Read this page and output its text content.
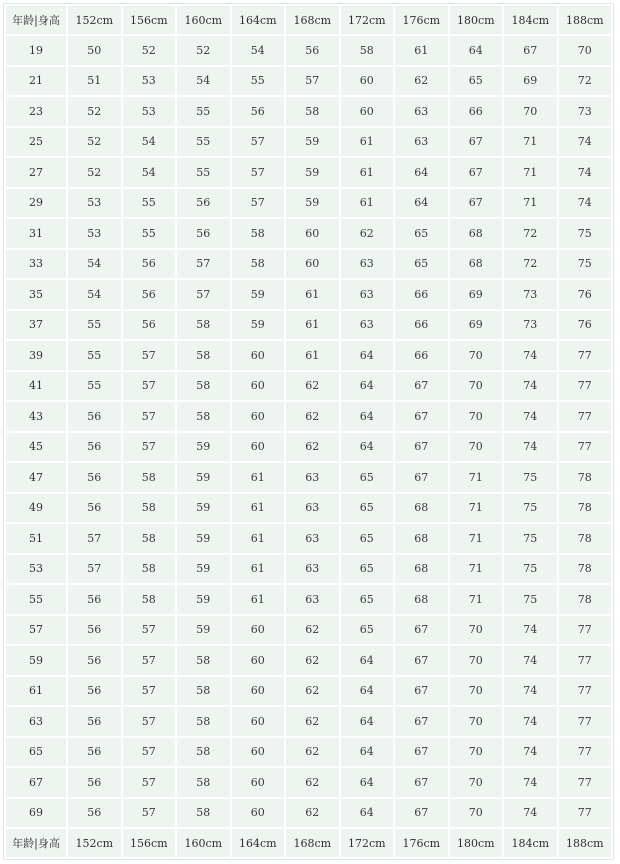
年龄|身高	152cm	156cm	160cm	164cm	168cm	172cm	176cm	180cm	184cm	188cm
19	50	52	52	54	56	58	61	64	67	70
21	51	53	54	55	57	60	62	65	69	72
23	52	53	55	56	58	60	63	66	70	73
25	52	54	55	57	59	61	63	67	71	74
27	52	54	55	57	59	61	64	67	71	74
29	53	55	56	57	59	61	64	67	71	74
31	53	55	56	58	60	62	65	68	72	75
33	54	56	57	58	60	63	65	68	72	75
35	54	56	57	59	61	63	66	69	73	76
37	55	56	58	59	61	63	66	69	73	76
39	55	57	58	60	61	64	66	70	74	77
41	55	57	58	60	62	64	67	70	74	77
43	56	57	58	60	62	64	67	70	74	77
45	56	57	59	60	62	64	67	70	74	77
47	56	58	59	61	63	65	67	71	75	78
49	56	58	59	61	63	65	68	71	75	78
51	57	58	59	61	63	65	68	71	75	78
53	57	58	59	61	63	65	68	71	75	78
55	56	58	59	61	63	65	68	71	75	78
57	56	57	59	60	62	65	67	70	74	77
59	56	57	58	60	62	64	67	70	74	77
61	56	57	58	60	62	64	67	70	74	77
63	56	57	58	60	62	64	67	70	74	77
65	56	57	58	60	62	64	67	70	74	77
67	56	57	58	60	62	64	67	70	74	77
69	56	57	58	60	62	64	67	70	74	77
年龄|身高	152cm	156cm	160cm	164cm	168cm	172cm	176cm	180cm	184cm	188cm
